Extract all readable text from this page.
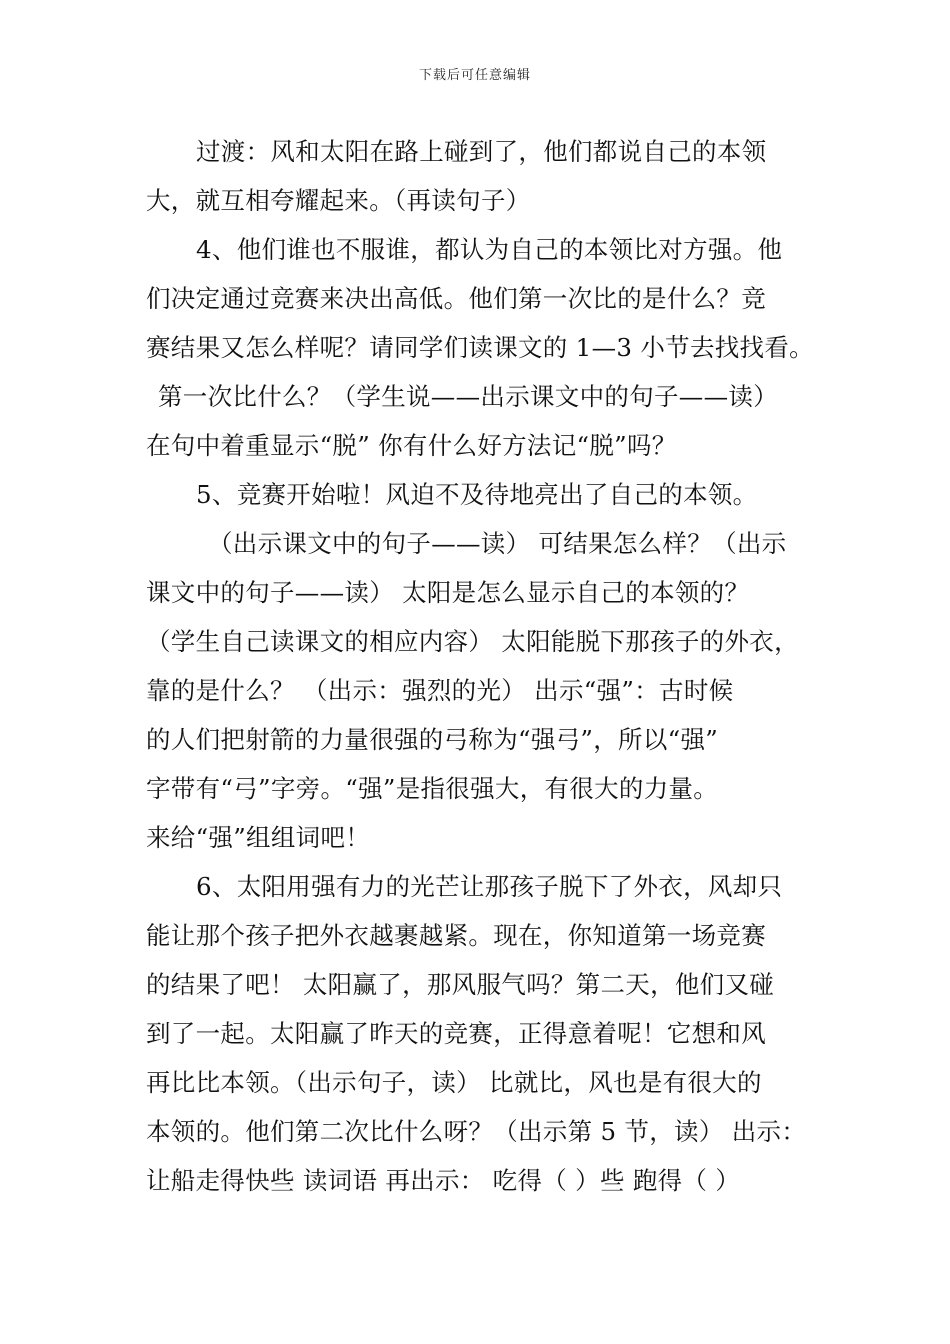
下载后可任意编辑
过渡：风和太阳在路上碰到了，他们都说自己的本领
大，就互相夸耀起来。（再读句子）
4、他们谁也不服谁，都认为自己的本领比对方强。他
们决定通过竞赛来决出高低。他们第一次比的是什么？竞
赛结果又怎么样呢？请同学们读课文的 1—3 小节去找找看。
第一次比什么？（学生说——出示课文中的句子——读）
在句中着重显示“脱” 你有什么好方法记“脱”吗？
5、竞赛开始啦！风迫不及待地亮出了自己的本领。
（出示课文中的句子——读） 可结果怎么样？（出示
课文中的句子——读） 太阳是怎么显示自己的本领的？
（学生自己读课文的相应内容） 太阳能脱下那孩子的外衣，
靠的是什么？ （出示：强烈的光） 出示“强”：古时候
的人们把射箭的力量很强的弓称为“强弓”，所以“强”
字带有“弓”字旁。“强”是指很强大，有很大的力量。
来给“强”组组词吧！
6、太阳用强有力的光芒让那孩子脱下了外衣，风却只
能让那个孩子把外衣越裹越紧。现在，你知道第一场竞赛
的结果了吧！ 太阳赢了，那风服气吗？第二天，他们又碰
到了一起。太阳赢了昨天的竞赛，正得意着呢！它想和风
再比比本领。（出示句子，读） 比就比，风也是有很大的
本领的。他们第二次比什么呀？（出示第 5 节，读） 出示：
让船走得快些 读词语 再出示： 吃得（ ）些 跑得（ ）
